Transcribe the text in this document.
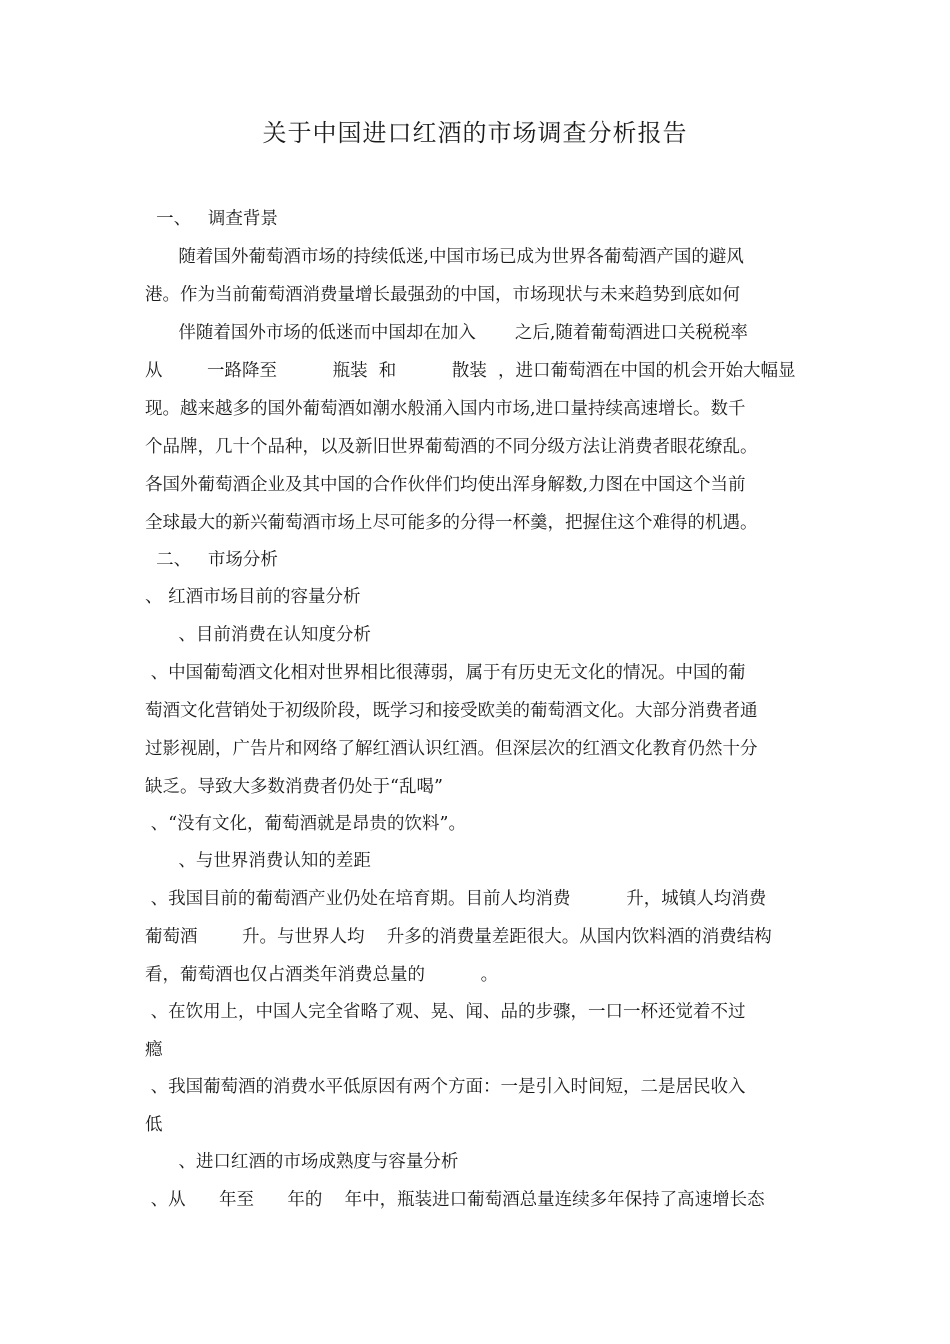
关于中国进口红酒的市场调查分析报告
一、   调查背景
随着国外葡萄酒市场的持续低迷,中国市场已成为世界各葡萄酒产国的避风
港。作为当前葡萄酒消费量增长最强劲的中国，市场现状与未来趋势到底如何
伴随着国外市场的低迷而中国却在加入       之后,随着葡萄酒进口关税税率
从        一路降至          瓶装  和          散装  ，进口葡萄酒在中国的机会开始大幅显
现。越来越多的国外葡萄酒如潮水般涌入国内市场,进口量持续高速增长。数千
个品牌，几十个品种，以及新旧世界葡萄酒的不同分级方法让消费者眼花缭乱。
各国外葡萄酒企业及其中国的合作伙伴们均使出浑身解数,力图在中国这个当前
全球最大的新兴葡萄酒市场上尽可能多的分得一杯羹，把握住这个难得的机遇。
二、   市场分析
、 红酒市场目前的容量分析
、目前消费在认知度分析
、中国葡萄酒文化相对世界相比很薄弱，属于有历史无文化的情况。中国的葡
萄酒文化营销处于初级阶段，既学习和接受欧美的葡萄酒文化。大部分消费者通
过影视剧，广告片和网络了解红酒认识红酒。但深层次的红酒文化教育仍然十分
缺乏。导致大多数消费者仍处于“乱喝”
、“没有文化，葡萄酒就是昂贵的饮料”。
、与世界消费认知的差距
、我国目前的葡萄酒产业仍处在培育期。目前人均消费          升，城镇人均消费
葡萄酒        升。与世界人均    升多的消费量差距很大。从国内饮料酒的消费结构
看，葡萄酒也仅占酒类年消费总量的          。
、在饮用上，中国人完全省略了观、晃、闻、品的步骤，一口一杯还觉着不过
瘾
、我国葡萄酒的消费水平低原因有两个方面：一是引入时间短，二是居民收入
低
、进口红酒的市场成熟度与容量分析
、从      年至      年的    年中，瓶装进口葡萄酒总量连续多年保持了高速增长态
